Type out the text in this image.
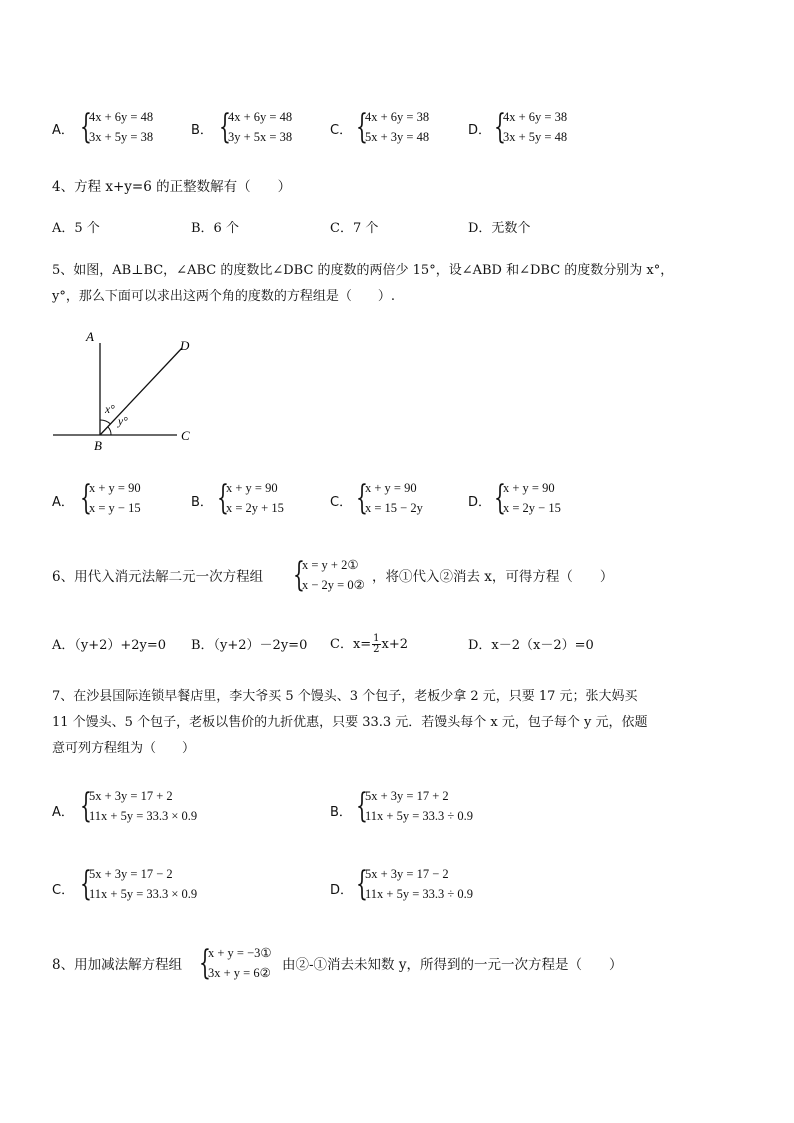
A． {
4x + 6y = 48
3x + 5y = 38	B． {
4x + 6y = 48
3y + 5x = 38	C． {
4x + 6y = 38
5x + 3y = 48	D． {
4x + 6y = 38
3x + 5y = 48
4、方程 x+y=6 的正整数解有（　　）
A．5 个	B．6 个	C．7 个	D．无数个
5、如图，AB⊥BC，∠ABC 的度数比∠DBC 的度数的两倍少 15°，设∠ABD 和∠DBC 的度数分别为 x°，
y°，那么下面可以求出这两个角的度数的方程组是（　　）.
A
B
C
D
x°
y°
A． {
x + y = 90
x = y − 15	B． {
x + y = 90
x = 2y + 15	C． {
x + y = 90
x = 15 − 2y	D． {
x + y = 90
x = 2y − 15
6、用代入消元法解二元一次方程组 {
x = y + 2①
x − 2y = 0② ，将①代入②消去 x，可得方程（　　）
A．（y+2）+2y=0 B．（y+2）－2y=0 C．$x= \frac{1}{2} x+2$	D．x－2（x－2）=0
7、在沙县国际连锁早餐店里，李大爷买 5 个馒头、3 个包子，老板少拿 2 元，只要 17 元；张大妈买
11 个馒头、5 个包子，老板以售价的九折优惠，只要 33.3 元．若馒头每个 x 元，包子每个 y 元，依题
意可列方程组为（　　）
A． {
5x + 3y = 17 + 2
11x + 5y = 33.3 × 0.9	B． {
5x + 3y = 17 + 2
11x + 5y = 33.3 ÷ 0.9
C． {
5x + 3y = 17 − 2
11x + 5y = 33.3 × 0.9	D． {
5x + 3y = 17 − 2
11x + 5y = 33.3 ÷ 0.9
8、用加减法解方程组 {
x + y = −3①
3x + y = 6② 由②-①消去未知数 y，所得到的一元一次方程是（　　）
